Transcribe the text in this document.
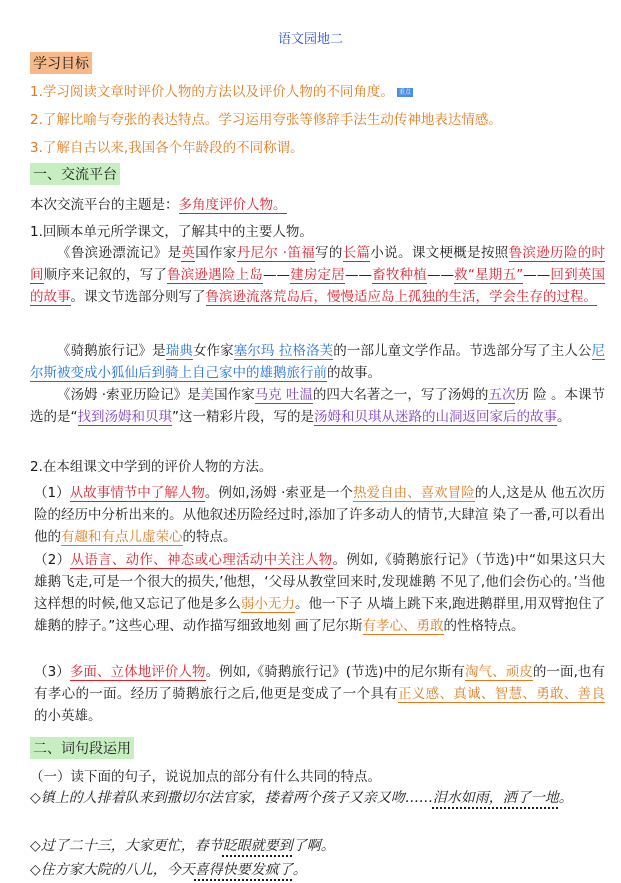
语文园地二
学习目标
1.学习阅读文章时评价人物的方法以及评价人物的不同角度。 重点
2.了解比喻与夸张的表达特点。学习运用夸张等修辞手法生动传神地表达情感。
3.了解自古以来,我国各个年龄段的不同称谓。
一、交流平台
本次交流平台的主题是：多角度评价人物。
1.回顾本单元所学课文，了解其中的主要人物。
《鲁滨逊漂流记》是英国作家丹尼尔 ·笛福写的长篇小说。课文梗概是按照鲁滨逊历险的时间顺序来记叙的，写了鲁滨逊遇险上岛——建房定居——畜牧种植——救“星期五”——回到英国的故事。课文节选部分则写了鲁滨逊流落荒岛后，慢慢适应岛上孤独的生活，学会生存的过程。
《骑鹅旅行记》是瑞典女作家塞尔玛 拉格洛芙的一部儿童文学作品。节选部分写了主人公尼尔斯被变成小狐仙后到骑上自己家中的雄鹅旅行前的故事。
《汤姆 ·索亚历险记》是美国作家马克 吐温的四大名著之一，写了汤姆的五次历 险 。本课节选的是“找到汤姆和贝琪”这一精彩片段，写的是汤姆和贝琪从迷路的山洞返回家后的故事。
2.在本组课文中学到的评价人物的方法。
（1）从故事情节中了解人物。例如,汤姆 ·索亚是一个热爱自由、喜欢冒险的人,这是从 他五次历险的经历中分析出来的。从他叙述历险经过时,添加了许多动人的情节,大肆渲 染了一番,可以看出他的有趣和有点儿虚荣心的特点。
（2）从语言、动作、神态或心理活动中关注人物。例如,《骑鹅旅行记》（节选)中“如果这只大雄鹅飞走,可是一个很大的损失,’他想，‘父母从教堂回来时,发现雄鹅 不见了,他们会伤心的。’当他这样想的时候,他又忘记了他是多么弱小无力。他一下子 从墙上跳下来,跑进鹅群里,用双臂抱住了雄鹅的脖子。”这些心理、动作描写细致地刻 画了尼尔斯有孝心、勇敢的性格特点。
（3）多面、立体地评价人物。例如,《骑鹅旅行记》(节选)中的尼尔斯有淘气、顽皮的一面,也有有孝心的一面。经历了骑鹅旅行之后,他更是变成了一个具有正义感、真诚、智慧、勇敢、善良的小英雄。
二、词句段运用
（一）读下面的句子，说说加点的部分有什么共同的特点。
◇镇上的人排着队来到撒切尔法官家，搂着两个孩子又亲又吻……泪水如雨，洒了一地。
◇过了二十三，大家更忙，春节眨眼就要到了啊。
◇住方家大院的八儿，今天喜得快要发疯了。
